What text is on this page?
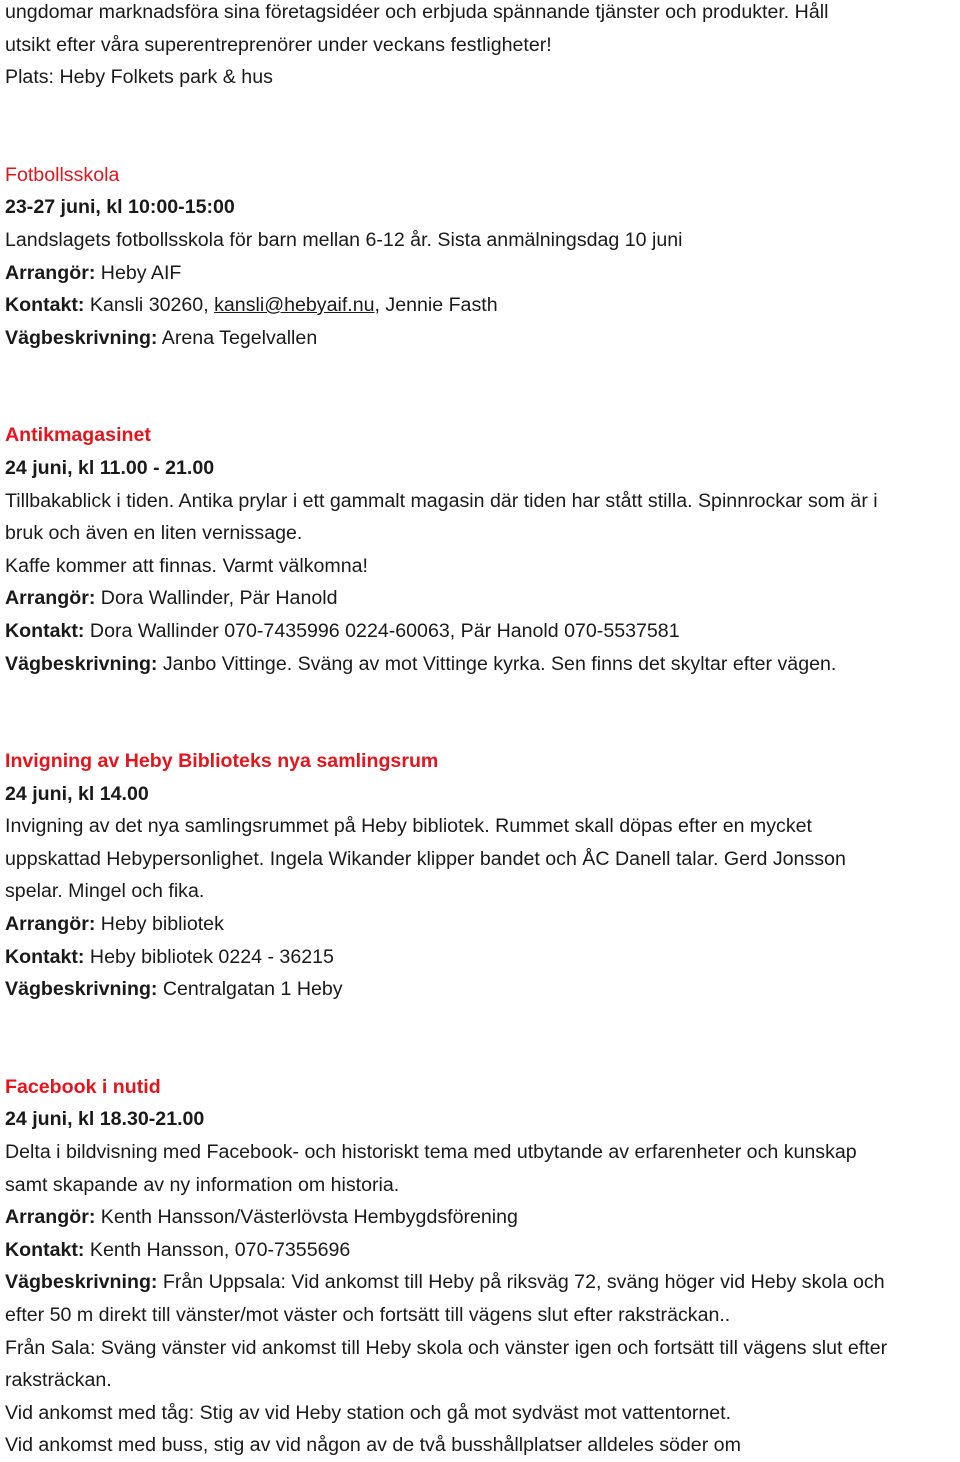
ungdomar marknadsföra sina företagsidéer och erbjuda spännande tjänster och produkter. Håll
utsikt efter våra superentreprenörer under veckans festligheter!
Plats: Heby Folkets park & hus
Fotbollsskola
23-27 juni, kl 10:00-15:00
Landslagets fotbollsskola för barn mellan 6-12 år. Sista anmälningsdag 10 juni
Arrangör: Heby AIF
Kontakt: Kansli 30260, kansli@hebyaif.nu, Jennie Fasth
Vägbeskrivning: Arena Tegelvallen
Antikmagasinet
24 juni, kl 11.00 - 21.00
Tillbakablick i tiden. Antika prylar i ett gammalt magasin där tiden har stått stilla. Spinnrockar som är i
bruk och även en liten vernissage.
Kaffe kommer att finnas. Varmt välkomna!
Arrangör: Dora Wallinder, Pär Hanold
Kontakt: Dora Wallinder 070-7435996 0224-60063, Pär Hanold 070-5537581
Vägbeskrivning: Janbo Vittinge. Sväng av mot Vittinge kyrka. Sen finns det skyltar efter vägen.
Invigning av Heby Biblioteks nya samlingsrum
24 juni, kl 14.00
Invigning av det nya samlingsrummet på Heby bibliotek. Rummet skall döpas efter en mycket
uppskattad Hebypersonlighet. Ingela Wikander klipper bandet och ÅC Danell talar. Gerd Jonsson
spelar. Mingel och fika.
Arrangör: Heby bibliotek
Kontakt: Heby bibliotek 0224 - 36215
Vägbeskrivning: Centralgatan 1 Heby
Facebook i nutid
24 juni, kl 18.30-21.00
Delta i bildvisning med Facebook- och historiskt tema med utbytande av erfarenheter och kunskap
samt skapande av ny information om historia.
Arrangör: Kenth Hansson/Västerlövsta Hembygdsförening
Kontakt: Kenth Hansson, 070-7355696
Vägbeskrivning: Från Uppsala: Vid ankomst till Heby på riksväg 72, sväng höger vid Heby skola och
efter 50 m direkt till vänster/mot väster och fortsätt till vägens slut efter raksträckan..
Från Sala: Sväng vänster vid ankomst till Heby skola och vänster igen och fortsätt till vägens slut efter
raksträckan.
Vid ankomst med tåg: Stig av vid Heby station och gå mot sydväst mot vattentornet.
Vid ankomst med buss, stig av vid någon av de två busshållplatser alldeles söder om
